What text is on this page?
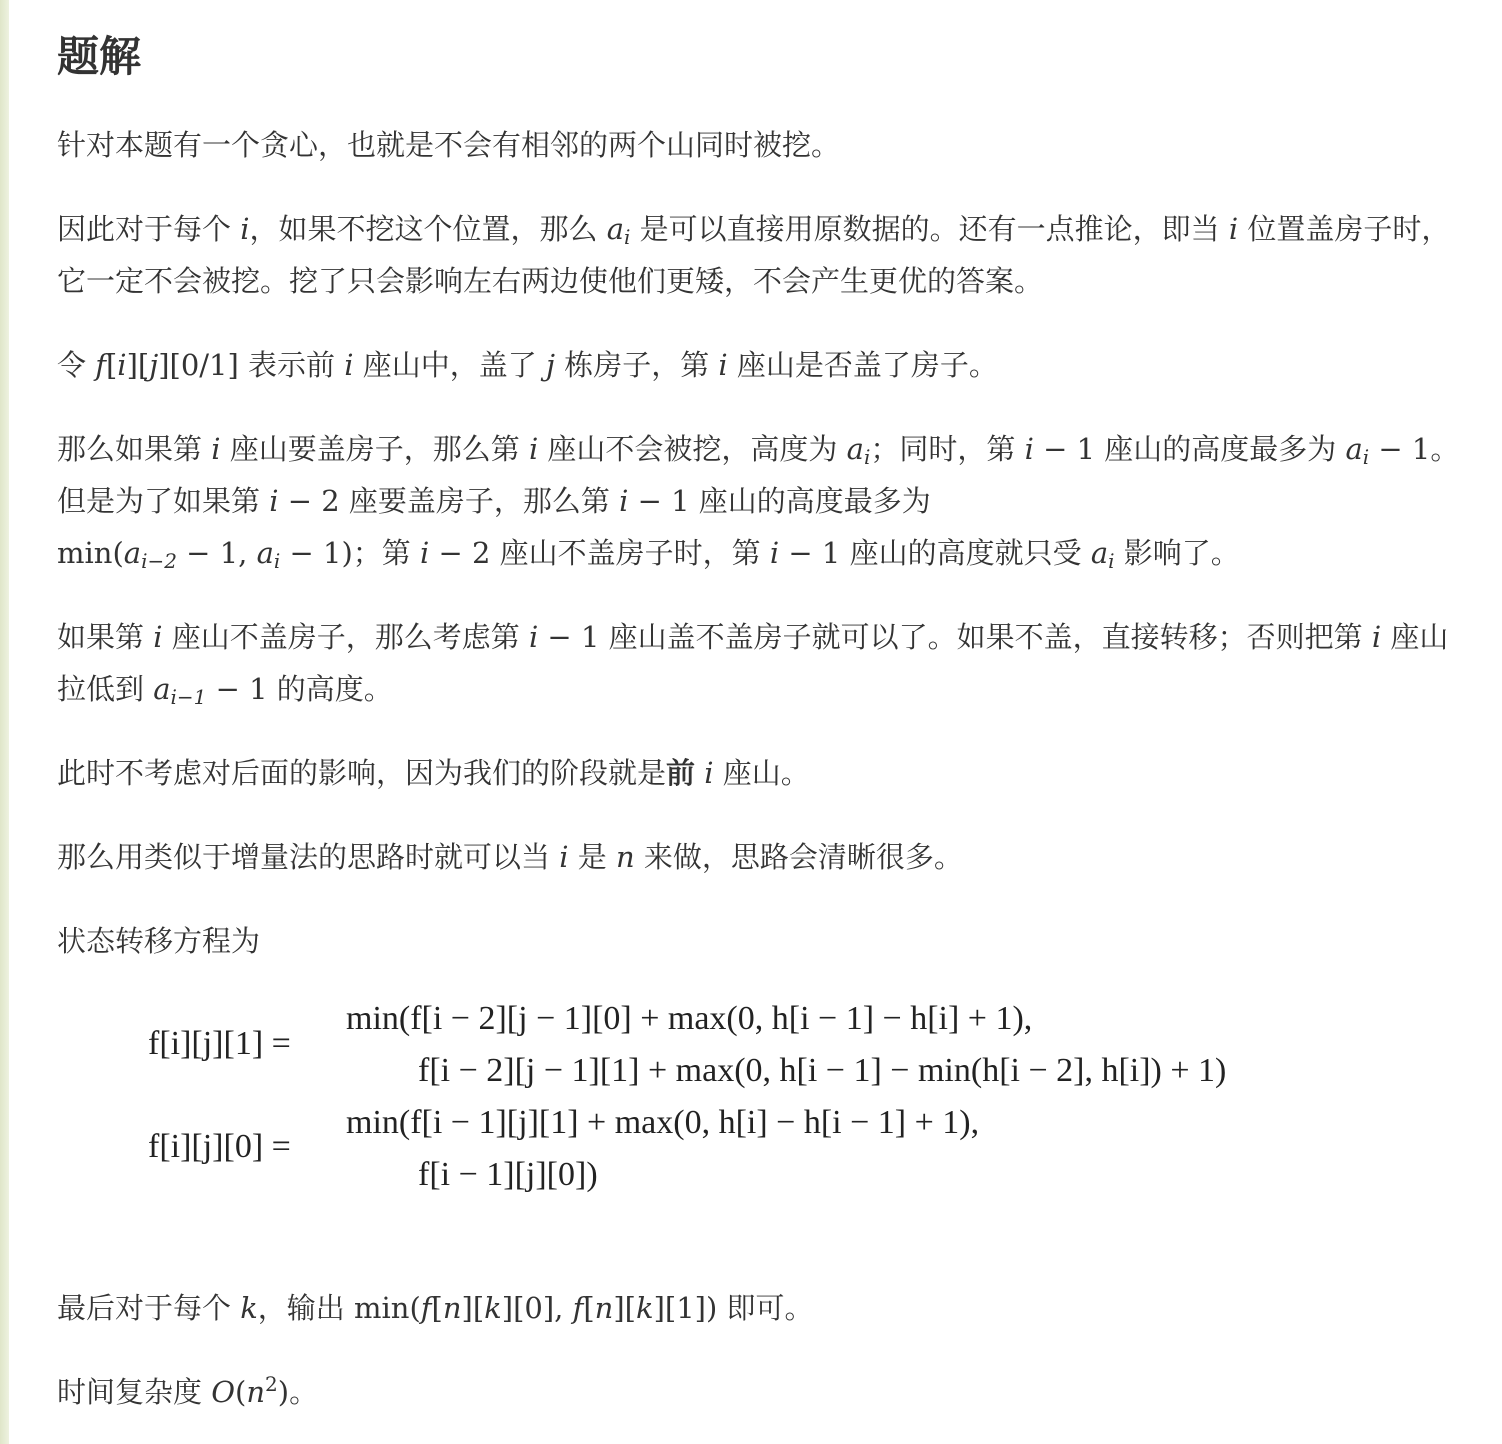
题解

针对本题有一个贪心，也就是不会有相邻的两个山同时被挖。

因此对于每个 i，如果不挖这个位置，那么 $a_i$ 是可以直接用原数据的。还有一点推论，即当 i 位置盖房子时，它一定不会被挖。挖了只会影响左右两边使他们更矮，不会产生更优的答案。

令 f[i][j][0/1] 表示前 i 座山中，盖了 j 栋房子，第 i 座山是否盖了房子。

那么如果第 i 座山要盖房子，那么第 i 座山不会被挖，高度为 $a_i$；同时，第 i − 1 座山的高度最多为 $a_i - 1$。但是为了如果第 i − 2 座要盖房子，那么第 i − 1 座山的高度最多为
$\min(a_{i-2} - 1$, $a_i - 1$)；第 i − 2 座山不盖房子时，第 i − 1 座山的高度就只受 $a_i$ 影响了。

如果第 i 座山不盖房子，那么考虑第 i − 1 座山盖不盖房子就可以了。如果不盖，直接转移；否则把第 i 座山拉低到 $a_{i-1} - 1$ 的高度。

此时不考虑对后面的影响，因为我们的阶段就是前 i 座山。

那么用类似于增量法的思路时就可以当 i 是 n 来做，思路会清晰很多。

状态转移方程为

f[i][j][1] =
min(f[i − 2][j − 1][0] + max(0, h[i − 1] − h[i] + 1),
f[i − 2][j − 1][1] + max(0, h[i − 1] − min(h[i − 2], h[i]) + 1)
f[i][j][0] =
min(f[i − 1][j][1] + max(0, h[i] − h[i − 1] + 1),
f[i − 1][j][0])

最后对于每个 k，输出 min(f[n][k][0], f[n][k][1]) 即可。

时间复杂度 $O(n^2)$。
